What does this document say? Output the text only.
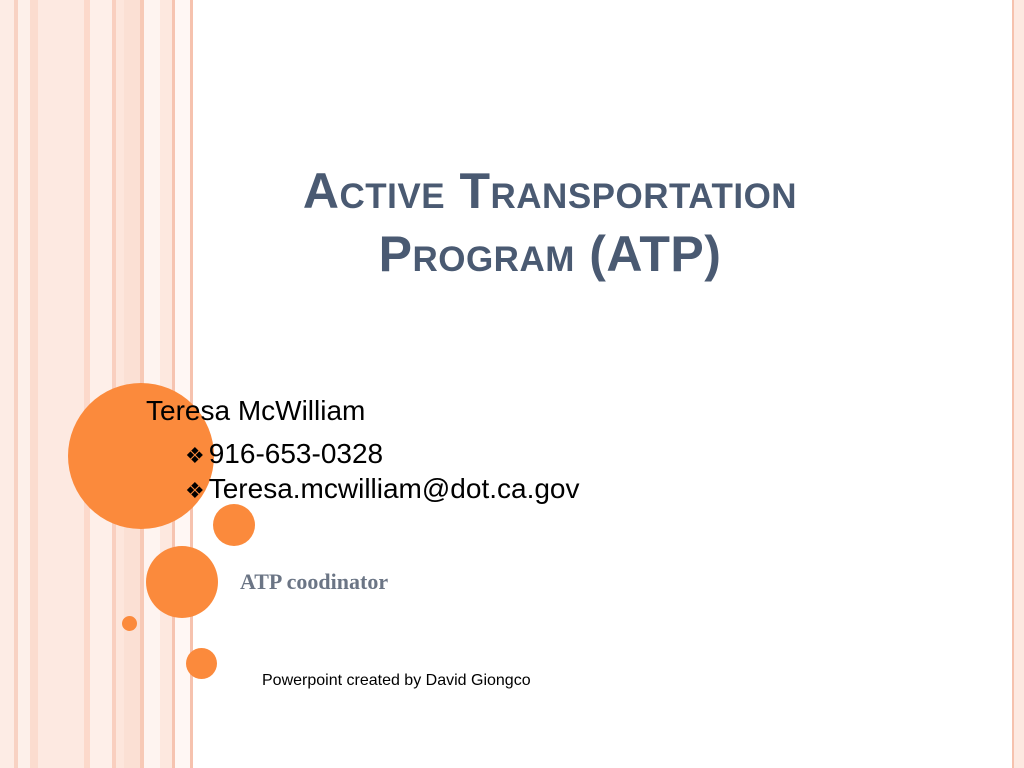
Active Transportation
Program (ATP)
Teresa McWilliam
❖ 916-653-0328
❖ Teresa.mcwilliam@dot.ca.gov
ATP coodinator
Powerpoint created by David Giongco
